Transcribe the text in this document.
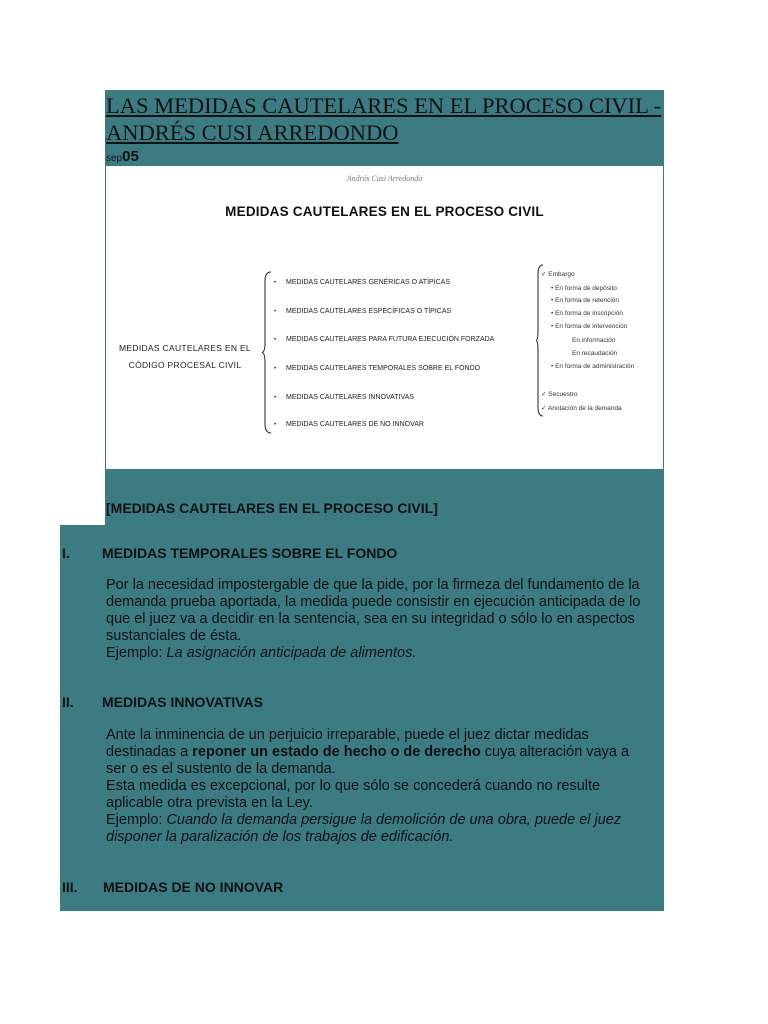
LAS MEDIDAS CAUTELARES EN EL PROCESO CIVIL - ANDRÉS CUSI ARREDONDO
sep05
Andrés Cusi Arredondo
MEDIDAS CAUTELARES EN EL PROCESO CIVIL
MEDIDAS CAUTELARES EN EL
CÓDIGO PROCESAL CIVIL
• MEDIDAS CAUTELARES GENÉRICAS O ATÍPICAS
• MEDIDAS CAUTELARES ESPECÍFICAS O TÍPICAS
• MEDIDAS CAUTELARES PARA FUTURA EJECUCIÓN FORZADA
• MEDIDAS CAUTELARES TEMPORALES SOBRE EL FONDO
• MEDIDAS CAUTELARES INNOVATIVAS
• MEDIDAS CAUTELARES DE NO INNOVAR
✓ Embargo
• En forma de depósito
• En forma de retención
• En forma de inscripción
• En forma de intervención
En información
En recaudación
• En forma de administración
✓ Secuestro
✓ Anotación de la demanda
[MEDIDAS CAUTELARES EN EL PROCESO CIVIL]
I. MEDIDAS TEMPORALES SOBRE EL FONDO
Por la necesidad impostergable de que la pide, por la firmeza del fundamento de la
demanda prueba aportada, la medida puede consistir en ejecución anticipada de lo
que el juez va a decidir en la sentencia, sea en su integridad o sólo lo en aspectos
sustanciales de ésta.
Ejemplo: La asignación anticipada de alimentos.
II. MEDIDAS INNOVATIVAS
Ante la inminencia de un perjuicio irreparable, puede el juez dictar medidas
destinadas a reponer un estado de hecho o de derecho cuya alteración vaya a
ser o es el sustento de la demanda.
Esta medida es excepcional, por lo que sólo se concederá cuando no resulte
aplicable otra prevista en la Ley.
Ejemplo: Cuando la demanda persigue la demolición de una obra, puede el juez
disponer la paralización de los trabajos de edificación.
III. MEDIDAS DE NO INNOVAR
